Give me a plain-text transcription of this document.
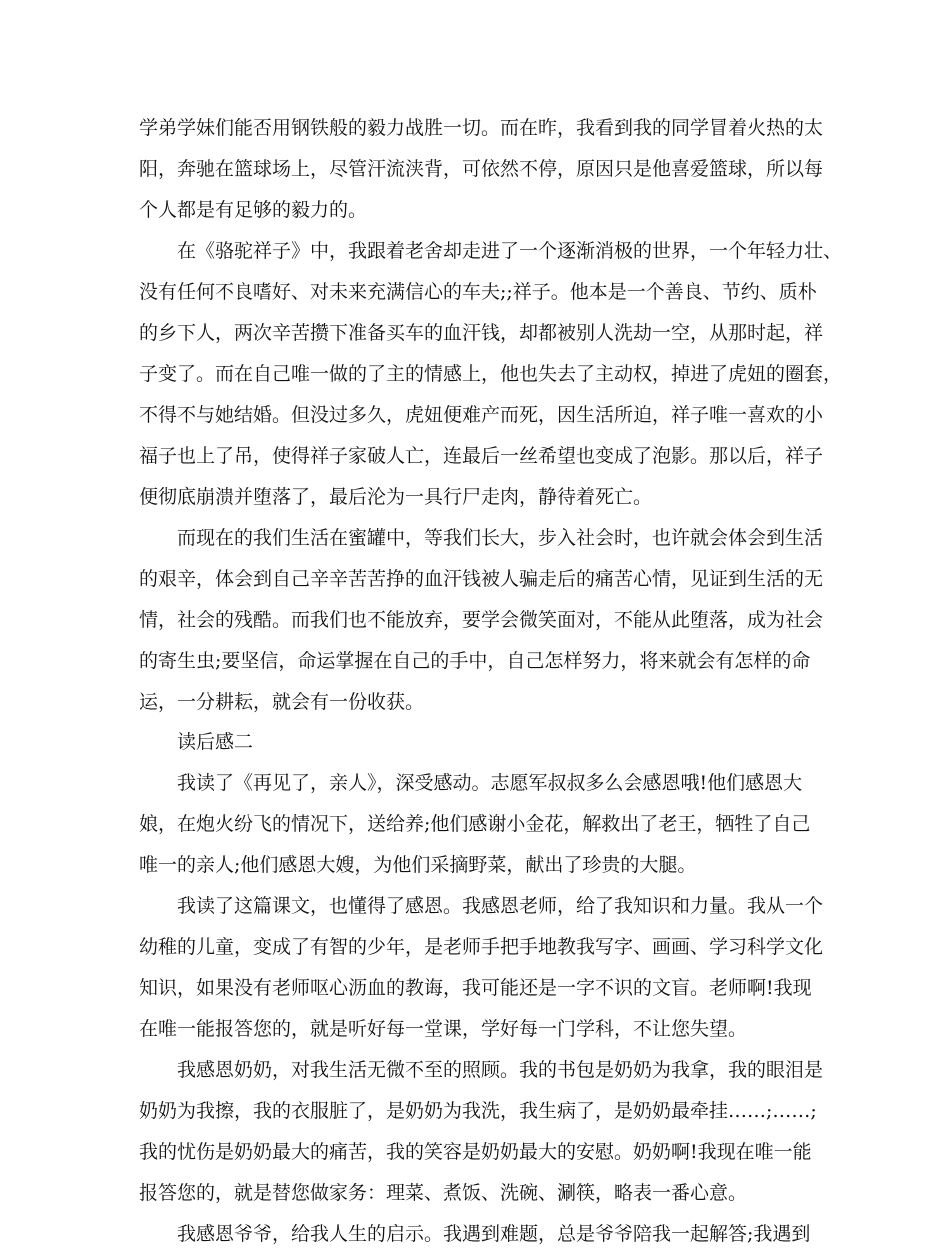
学弟学妹们能否用钢铁般的毅力战胜一切。而在昨，我看到我的同学冒着火热的太
阳，奔驰在篮球场上，尽管汗流浃背，可依然不停，原因只是他喜爱篮球，所以每
个人都是有足够的毅力的。
在《骆驼祥子》中，我跟着老舍却走进了一个逐渐消极的世界，一个年轻力壮、
没有任何不良嗜好、对未来充满信心的车夫;;祥子。他本是一个善良、节约、质朴
的乡下人，两次辛苦攒下准备买车的血汗钱，却都被别人洗劫一空，从那时起，祥
子变了。而在自己唯一做的了主的情感上，他也失去了主动权，掉进了虎妞的圈套，
不得不与她结婚。但没过多久，虎妞便难产而死，因生活所迫，祥子唯一喜欢的小
福子也上了吊，使得祥子家破人亡，连最后一丝希望也变成了泡影。那以后，祥子
便彻底崩溃并堕落了，最后沦为一具行尸走肉，静待着死亡。
而现在的我们生活在蜜罐中，等我们长大，步入社会时，也许就会体会到生活
的艰辛，体会到自己辛辛苦苦挣的血汗钱被人骗走后的痛苦心情，见证到生活的无
情，社会的残酷。而我们也不能放弃，要学会微笑面对，不能从此堕落，成为社会
的寄生虫;要坚信，命运掌握在自己的手中，自己怎样努力，将来就会有怎样的命
运，一分耕耘，就会有一份收获。
读后感二
我读了《再见了，亲人》，深受感动。志愿军叔叔多么会感恩哦!他们感恩大
娘，在炮火纷飞的情况下，送给养;他们感谢小金花，解救出了老王，牺牲了自己
唯一的亲人;他们感恩大嫂，为他们采摘野菜，献出了珍贵的大腿。
我读了这篇课文，也懂得了感恩。我感恩老师，给了我知识和力量。我从一个
幼稚的儿童，变成了有智的少年，是老师手把手地教我写字、画画、学习科学文化
知识，如果没有老师呕心沥血的教诲，我可能还是一字不识的文盲。老师啊!我现
在唯一能报答您的，就是听好每一堂课，学好每一门学科，不让您失望。
我感恩奶奶，对我生活无微不至的照顾。我的书包是奶奶为我拿，我的眼泪是
奶奶为我擦，我的衣服脏了，是奶奶为我洗，我生病了，是奶奶最牵挂……;……;
我的忧伤是奶奶最大的痛苦，我的笑容是奶奶最大的安慰。奶奶啊!我现在唯一能
报答您的，就是替您做家务：理菜、煮饭、洗碗、涮筷，略表一番心意。
我感恩爷爷，给我人生的启示。我遇到难题，总是爷爷陪我一起解答;我遇到
